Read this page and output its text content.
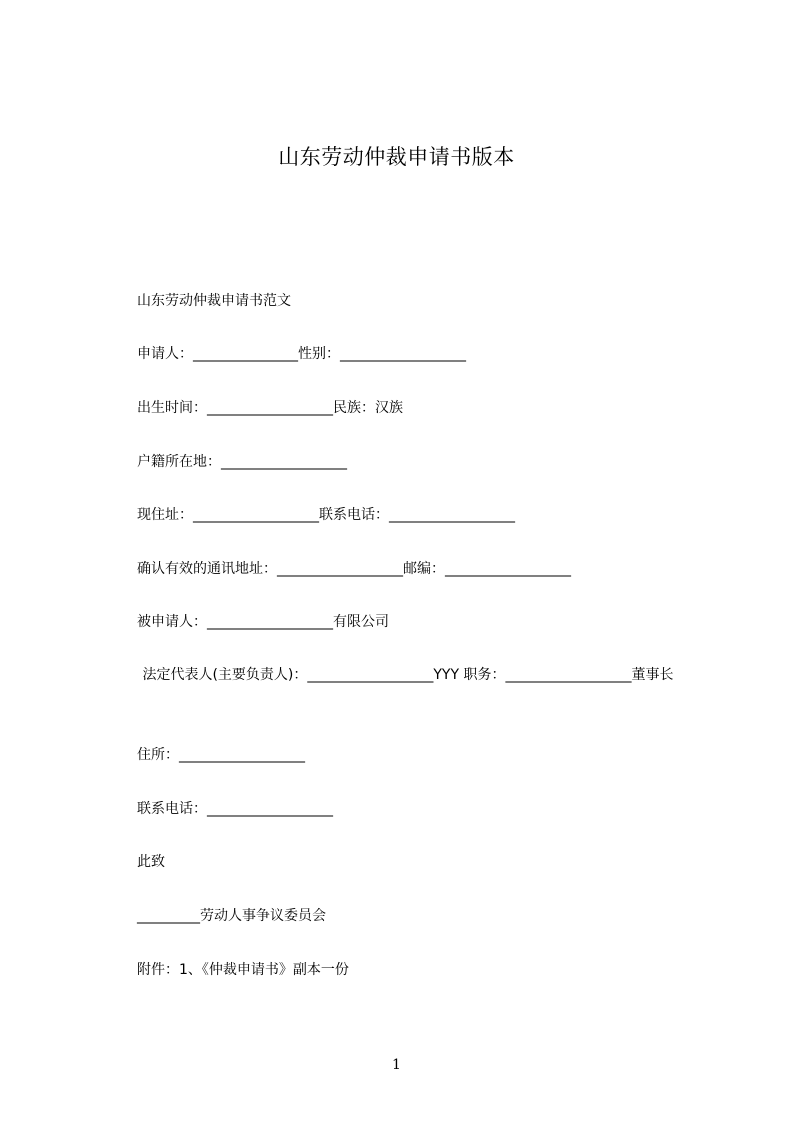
山东劳动仲裁申请书版本
山东劳动仲裁申请书范文
申请人：_______________性别：__________________
出生时间：__________________民族：汉族
户籍所在地：__________________
现住址：__________________联系电话：__________________
确认有效的通讯地址：__________________邮编：__________________
被申请人：__________________有限公司
法定代表人(主要负责人)：__________________YYY 职务：__________________董事长
住所：__________________
联系电话：__________________
此致
_________劳动人事争议委员会
附件：1、《仲裁申请书》副本一份
1
